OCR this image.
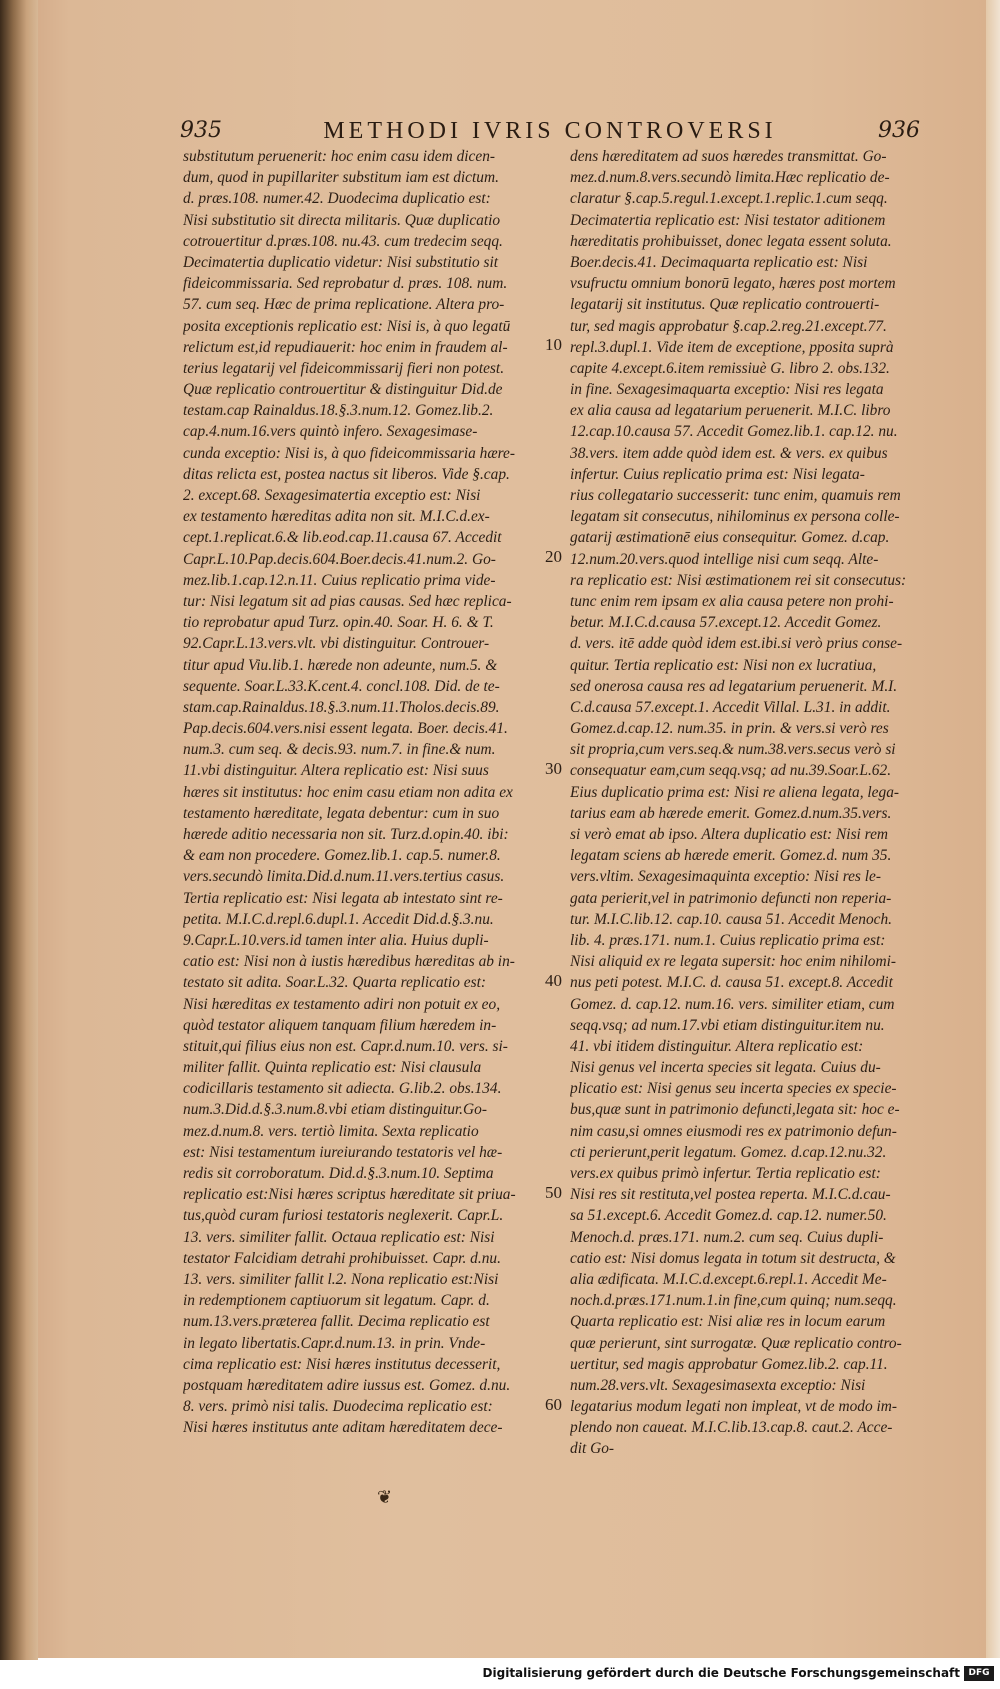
935	METHODI IVRIS CONTROVERSI	936
substitutum peruenerit: hoc enim casu idem dicen-
dum, quod in pupillariter substitum iam est dictum.
d. præs.108. numer.42. Duodecima duplicatio est:
Nisi substitutio sit directa militaris. Quæ duplicatio
cotrouertitur d.præs.108. nu.43. cum tredecim seqq.
Decimatertia duplicatio videtur: Nisi substitutio sit
fideicommissaria. Sed reprobatur d. præs. 108. num.
57. cum seq. Hæc de prima replicatione. Altera pro-
posita exceptionis replicatio est: Nisi is, à quo legatū
relictum est,id repudiauerit: hoc enim in fraudem al-
terius legatarij vel fideicommissarij fieri non potest.
Quæ replicatio controuertitur & distinguitur Did.de
testam.cap Rainaldus.18.§.3.num.12. Gomez.lib.2.
cap.4.num.16.vers quintò infero. Sexagesimase-
cunda exceptio: Nisi is, à quo fideicommissaria hære-
ditas relicta est, postea nactus sit liberos. Vide §.cap.
2. except.68. Sexagesimatertia exceptio est: Nisi
ex testamento hæreditas adita non sit. M.I.C.d.ex-
cept.1.replicat.6.& lib.eod.cap.11.causa 67. Accedit
Capr.L.10.Pap.decis.604.Boer.decis.41.num.2. Go-
mez.lib.1.cap.12.n.11. Cuius replicatio prima vide-
tur: Nisi legatum sit ad pias causas. Sed hæc replica-
tio reprobatur apud Turz. opin.40. Soar. H. 6. & T.
92.Capr.L.13.vers.vlt. vbi distinguitur. Controuer-
titur apud Viu.lib.1. hærede non adeunte, num.5. &
sequente. Soar.L.33.K.cent.4. concl.108. Did. de te-
stam.cap.Rainaldus.18.§.3.num.11.Tholos.decis.89.
Pap.decis.604.vers.nisi essent legata. Boer. decis.41.
num.3. cum seq. & decis.93. num.7. in fine.& num.
11.vbi distinguitur. Altera replicatio est: Nisi suus
hæres sit institutus: hoc enim casu etiam non adita ex
testamento hæreditate, legata debentur: cum in suo
hærede aditio necessaria non sit. Turz.d.opin.40. ibi:
& eam non procedere. Gomez.lib.1. cap.5. numer.8.
vers.secundò limita.Did.d.num.11.vers.tertius casus.
Tertia replicatio est: Nisi legata ab intestato sint re-
petita. M.I.C.d.repl.6.dupl.1. Accedit Did.d.§.3.nu.
9.Capr.L.10.vers.id tamen inter alia. Huius dupli-
catio est: Nisi non à iustis hæredibus hæreditas ab in-
testato sit adita. Soar.L.32. Quarta replicatio est:
Nisi hæreditas ex testamento adiri non potuit ex eo,
quòd testator aliquem tanquam filium hæredem in-
stituit,qui filius eius non est. Capr.d.num.10. vers. si-
militer fallit. Quinta replicatio est: Nisi clausula
codicillaris testamento sit adiecta. G.lib.2. obs.134.
num.3.Did.d.§.3.num.8.vbi etiam distinguitur.Go-
mez.d.num.8. vers. tertiò limita. Sexta replicatio
est: Nisi testamentum iureiurando testatoris vel hæ-
redis sit corroboratum. Did.d.§.3.num.10. Septima
replicatio est:Nisi hæres scriptus hæreditate sit priua-
tus,quòd curam furiosi testatoris neglexerit. Capr.L.
13. vers. similiter fallit. Octaua replicatio est: Nisi
testator Falcidiam detrahi prohibuisset. Capr. d.nu.
13. vers. similiter fallit l.2. Nona replicatio est:Nisi
in redemptionem captiuorum sit legatum. Capr. d.
num.13.vers.præterea fallit. Decima replicatio est
in legato libertatis.Capr.d.num.13. in prin. Vnde-
cima replicatio est: Nisi hæres institutus decesserit,
postquam hæreditatem adire iussus est. Gomez. d.nu.
8. vers. primò nisi talis. Duodecima replicatio est:
Nisi hæres institutus ante aditam hæreditatem dece-
10
20
30
40
50
60
dens hæreditatem ad suos hæredes transmittat. Go-
mez.d.num.8.vers.secundò limita.Hæc replicatio de-
claratur §.cap.5.regul.1.except.1.replic.1.cum seqq.
Decimatertia replicatio est: Nisi testator aditionem
hæreditatis prohibuisset, donec legata essent soluta.
Boer.decis.41. Decimaquarta replicatio est: Nisi
vsufructu omnium bonorū legato, hæres post mortem
legatarij sit institutus. Quæ replicatio controuerti-
tur, sed magis approbatur §.cap.2.reg.21.except.77.
repl.3.dupl.1. Vide item de exceptione, pposita suprà
capite 4.except.6.item remissiuè G. libro 2. obs.132.
in fine. Sexagesimaquarta exceptio: Nisi res legata
ex alia causa ad legatarium peruenerit. M.I.C. libro
12.cap.10.causa 57. Accedit Gomez.lib.1. cap.12. nu.
38.vers. item adde quòd idem est. & vers. ex quibus
infertur. Cuius replicatio prima est: Nisi legata-
rius collegatario successerit: tunc enim, quamuis rem
legatam sit consecutus, nihilominus ex persona colle-
gatarij æstimationē eius consequitur. Gomez. d.cap.
12.num.20.vers.quod intellige nisi cum seqq. Alte-
ra replicatio est: Nisi æstimationem rei sit consecutus:
tunc enim rem ipsam ex alia causa petere non prohi-
betur. M.I.C.d.causa 57.except.12. Accedit Gomez.
d. vers. itē adde quòd idem est.ibi.si verò prius conse-
quitur. Tertia replicatio est: Nisi non ex lucratiua,
sed onerosa causa res ad legatarium peruenerit. M.I.
C.d.causa 57.except.1. Accedit Villal. L.31. in addit.
Gomez.d.cap.12. num.35. in prin. & vers.si verò res
sit propria,cum vers.seq.& num.38.vers.secus verò si
consequatur eam,cum seqq.vsq; ad nu.39.Soar.L.62.
Eius duplicatio prima est: Nisi re aliena legata, lega-
tarius eam ab hærede emerit. Gomez.d.num.35.vers.
si verò emat ab ipso. Altera duplicatio est: Nisi rem
legatam sciens ab hærede emerit. Gomez.d. num 35.
vers.vltim. Sexagesimaquinta exceptio: Nisi res le-
gata perierit,vel in patrimonio defuncti non reperia-
tur. M.I.C.lib.12. cap.10. causa 51. Accedit Menoch.
lib. 4. præs.171. num.1. Cuius replicatio prima est:
Nisi aliquid ex re legata supersit: hoc enim nihilomi-
nus peti potest. M.I.C. d. causa 51. except.8. Accedit
Gomez. d. cap.12. num.16. vers. similiter etiam, cum
seqq.vsq; ad num.17.vbi etiam distinguitur.item nu.
41. vbi itidem distinguitur. Altera replicatio est:
Nisi genus vel incerta species sit legata. Cuius du-
plicatio est: Nisi genus seu incerta species ex specie-
bus,quæ sunt in patrimonio defuncti,legata sit: hoc e-
nim casu,si omnes eiusmodi res ex patrimonio defun-
cti perierunt,perit legatum. Gomez. d.cap.12.nu.32.
vers.ex quibus primò infertur. Tertia replicatio est:
Nisi res sit restituta,vel postea reperta. M.I.C.d.cau-
sa 51.except.6. Accedit Gomez.d. cap.12. numer.50.
Menoch.d. præs.171. num.2. cum seq. Cuius dupli-
catio est: Nisi domus legata in totum sit destructa, &
alia ædificata. M.I.C.d.except.6.repl.1. Accedit Me-
noch.d.præs.171.num.1.in fine,cum quinq; num.seqq.
Quarta replicatio est: Nisi aliæ res in locum earum
quæ perierunt, sint surrogatæ. Quæ replicatio contro-
uertitur, sed magis approbatur Gomez.lib.2. cap.11.
num.28.vers.vlt. Sexagesimasexta exceptio: Nisi
legatarius modum legati non impleat, vt de modo im-
plendo non caueat. M.I.C.lib.13.cap.8. caut.2. Acce-
dit Go-
❦
Digitalisierung gefördert durch die Deutsche Forschungsgemeinschaft DFG
